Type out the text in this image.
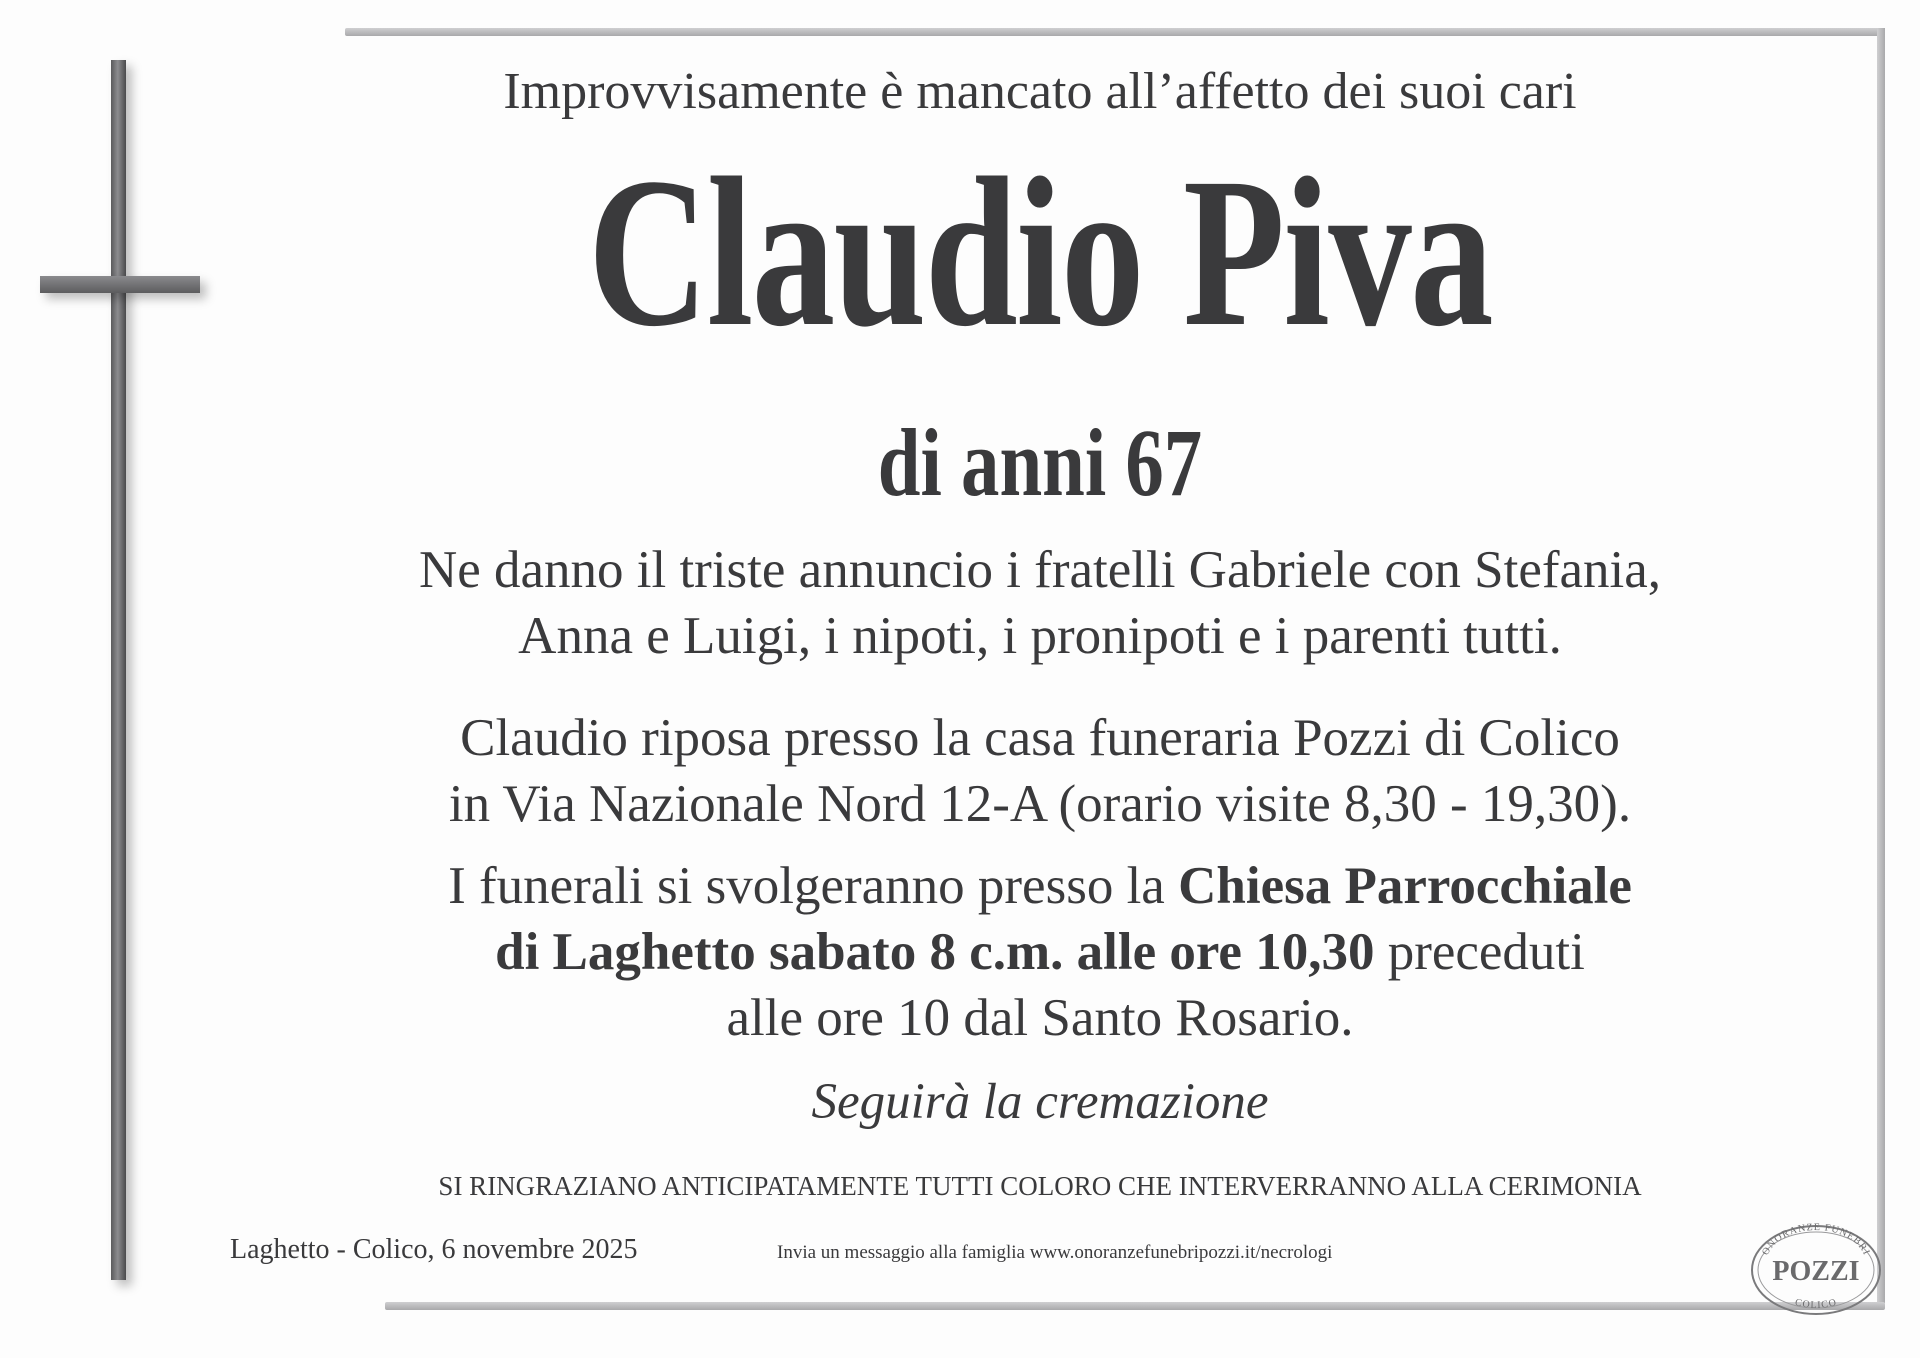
Improvvisamente è mancato all’affetto dei suoi cari
Claudio Piva
di anni 67
Ne danno il triste annuncio i fratelli Gabriele con Stefania,
Anna e Luigi, i nipoti, i pronipoti e i parenti tutti.
Claudio riposa presso la casa funeraria Pozzi di Colico
in Via Nazionale Nord 12-A (orario visite 8,30 - 19,30).
I funerali si svolgeranno presso la Chiesa Parrocchiale
di Laghetto sabato 8 c.m. alle ore 10,30 preceduti
alle ore 10 dal Santo Rosario.
Seguirà la cremazione
SI RINGRAZIANO ANTICIPATAMENTE TUTTI COLORO CHE INTERVERRANNO ALLA CERIMONIA
Laghetto - Colico, 6 novembre 2025	Invia un messaggio alla famiglia www.onoranzefunebripozzi.it/necrologi	ONORANZE FUNEBRI
POZZI
COLICO
